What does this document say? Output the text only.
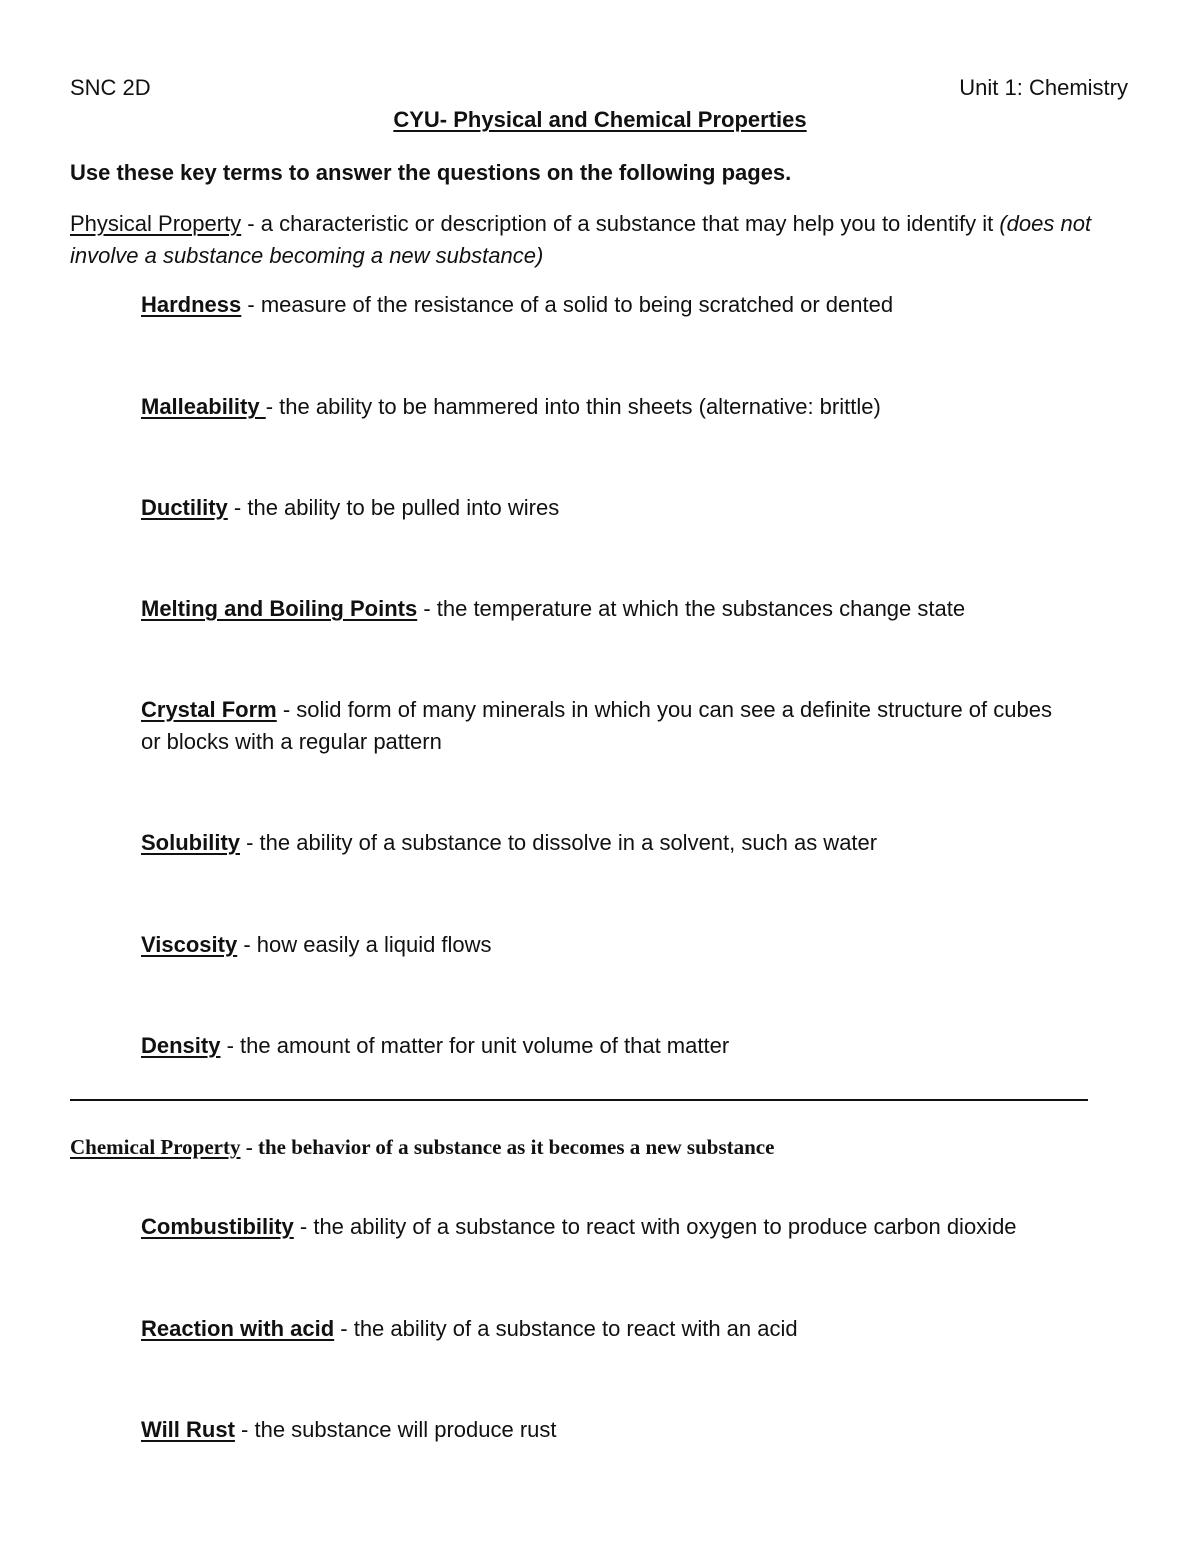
SNC 2D	Unit 1: Chemistry
CYU- Physical and Chemical Properties
Use these key terms to answer the questions on the following pages.
Physical Property - a characteristic or description of a substance that may help you to identify it (does not involve a substance becoming a new substance)
Hardness - measure of the resistance of a solid to being scratched or dented
Malleability - the ability to be hammered into thin sheets (alternative: brittle)
Ductility - the ability to be pulled into wires
Melting and Boiling Points - the temperature at which the substances change state
Crystal Form - solid form of many minerals in which you can see a definite structure of cubes
or blocks with a regular pattern
Solubility - the ability of a substance to dissolve in a solvent, such as water
Viscosity - how easily a liquid flows
Density - the amount of matter for unit volume of that matter
Chemical Property - the behavior of a substance as it becomes a new substance
Combustibility - the ability of a substance to react with oxygen to produce carbon dioxide
Reaction with acid - the ability of a substance to react with an acid
Will Rust - the substance will produce rust
